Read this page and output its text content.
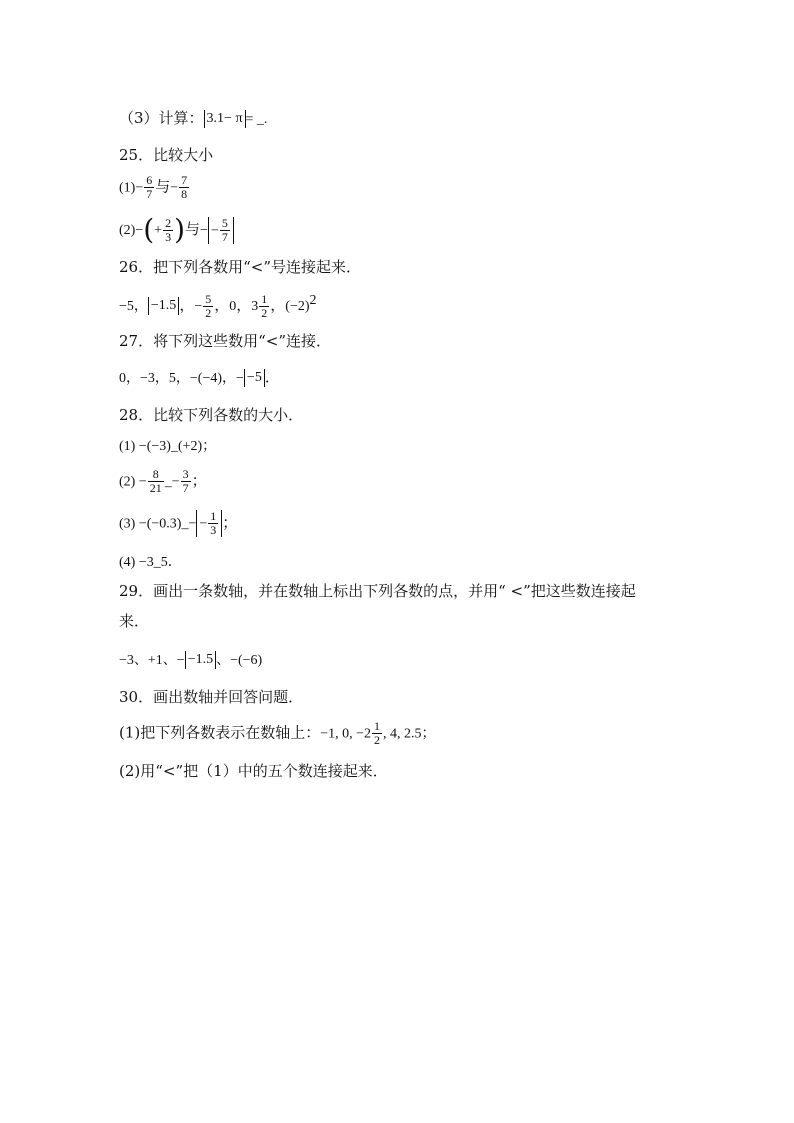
（3）计算： 3.1− π = _.
25．比较大小
$(1)- \frac{6}{7}$ 与− $\frac{7}{8}$
$(2)-(+ \frac{2}{3}$ )与− − $\frac{5}{7}$
26．把下列各数用“<”号连接起来．
−5， −1.5 ，− $\frac{5}{2}$ ，0，$3 \frac{1}{2}$ ，$(-2)^2$
27．将下列这些数用“<”连接．
0，−3，5，−(−4)，− −5 ．
28．比较下列各数的大小．
(1) −(−3)_(+2)；
$(2) - \frac{8}{21}$ _− $\frac{3}{7}$ ；
(3) −(−0.3)_− − $\frac{1}{3}$ ；
(4) −3_5．
29．画出一条数轴，并在数轴上标出下列各数的点，并用“ <”把这些数连接起
来．
−3、+1、− −1.5 、−(−6)
30．画出数轴并回答问题．
(1)把下列各数表示在数轴上：−1, 0, $-2 \frac{1}{2}$ , 4, 2.5；
(2)用“<”把（1）中的五个数连接起来．
